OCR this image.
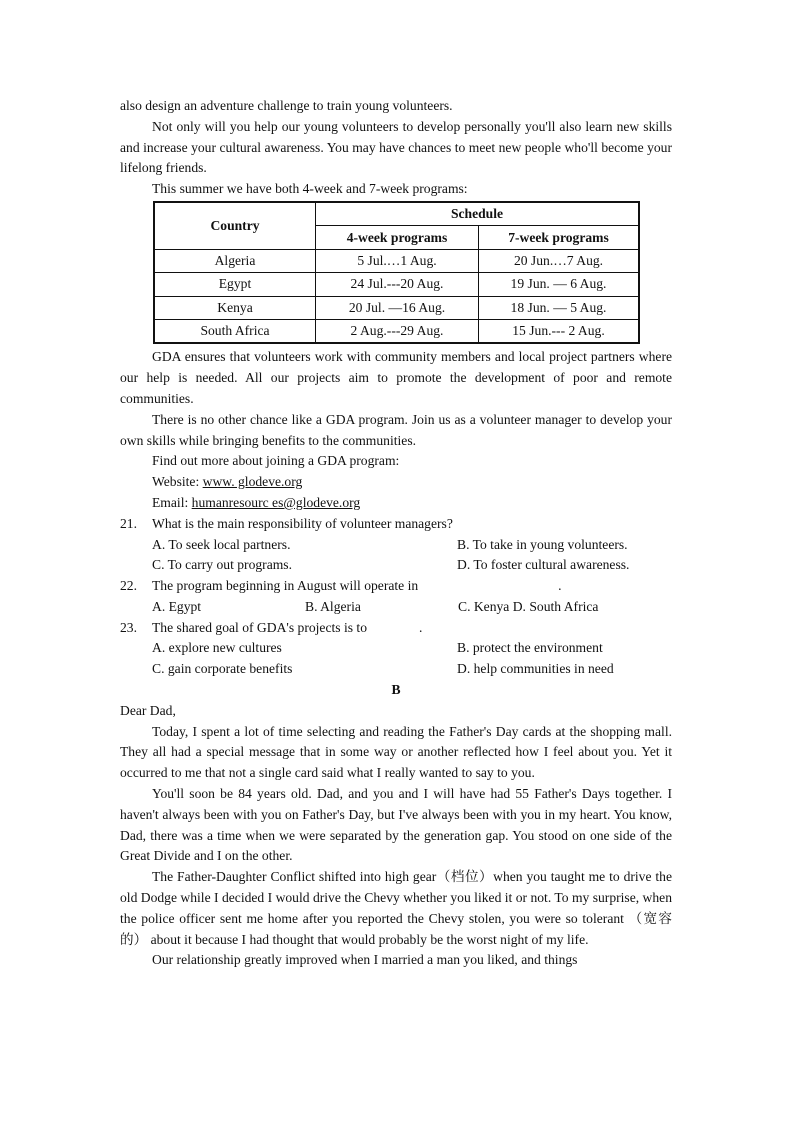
also design an adventure challenge to train young volunteers.

Not only will you help our young volunteers to develop personally you'll also learn new skills and increase your cultural awareness. You may have chances to meet new people who'll become your lifelong friends.

This summer we have both 4-week and 7-week programs:

Country	Schedule	
	4-week programs	7-week programs
Algeria	5 Jul.…1 Aug.	20 Jun.…7 Aug.
Egypt	24 Jul.---20 Aug.	19 Jun. — 6 Aug.
Kenya	20 Jul. —16 Aug.	18 Jun. — 5 Aug.
South Africa	2 Aug.---29 Aug.	15 Jun.--- 2 Aug.

GDA ensures that volunteers work with community members and local project partners where our help is needed. All our projects aim to promote the development of poor and remote communities.

There is no other chance like a GDA program. Join us as a volunteer manager to develop your own skills while bringing benefits to the communities.

Find out more about joining a GDA program:

Website: www. glodeve.org

Email: humanresourc es@glodeve.org

21.	What is the main responsibility of volunteer managers?
A. To seek local partners.	B. To take in young volunteers.
C. To carry out programs.	D. To foster cultural awareness.
22.	The program beginning in August will operate in	.
A. Egypt	B. Algeria	C. Kenya D. South Africa
23.	The shared goal of GDA's projects is to	.
A. explore new cultures	B. protect the environment
C. gain corporate benefits	D. help communities in need

B

Dear Dad,

Today, I spent a lot of time selecting and reading the Father's Day cards at the shopping mall. They all had a special message that in some way or another reflected how I feel about you. Yet it occurred to me that not a single card said what I really wanted to say to you.

You'll soon be 84 years old. Dad, and you and I will have had 55 Father's Days together. I haven't always been with you on Father's Day, but I've always been with you in my heart. You know, Dad, there was a time when we were separated by the generation gap. You stood on one side of the Great Divide and I on the other.

The Father-Daughter Conflict shifted into high gear（档位）when you taught me to drive the old Dodge while I decided I would drive the Chevy whether you liked it or not. To my surprise, when the police officer sent me home after you reported the Chevy stolen, you were so tolerant （宽容的） about it because I had thought that would probably be the worst night of my life.

Our relationship greatly improved when I married a man you liked, and things
